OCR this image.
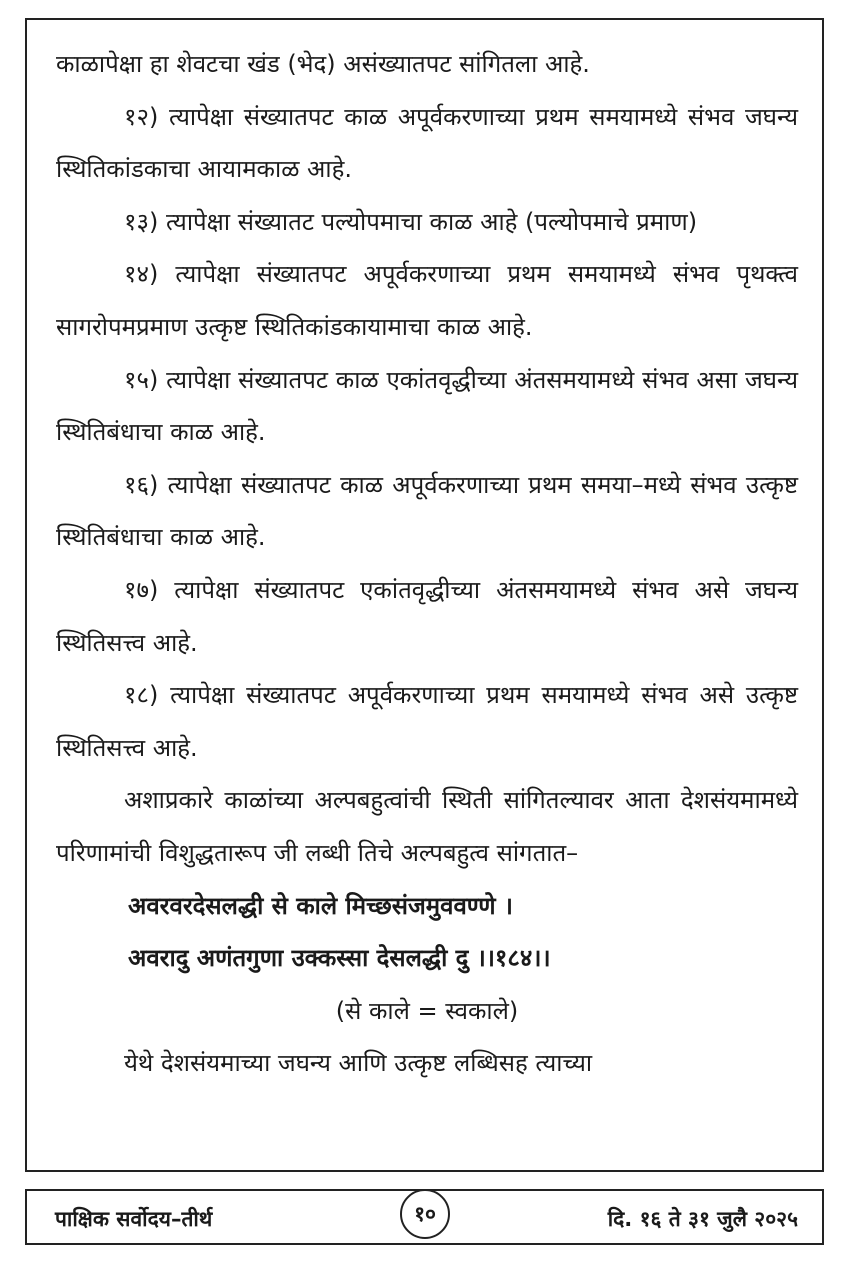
काळापेक्षा हा शेवटचा खंड (भेद) असंख्यातपट सांगितला आहे.

१२) त्यापेक्षा संख्यातपट काळ अपूर्वकरणाच्या प्रथम समयामध्ये संभव जघन्य स्थितिकांडकाचा आयामकाळ आहे.

१३) त्यापेक्षा संख्यातट पल्योपमाचा काळ आहे (पल्योपमाचे प्रमाण)

१४) त्यापेक्षा संख्यातपट अपूर्वकरणाच्या प्रथम समयामध्ये संभव पृथक्त्व सागरोपमप्रमाण उत्कृष्ट स्थितिकांडकायामाचा काळ आहे.

१५) त्यापेक्षा संख्यातपट काळ एकांतवृद्धीच्या अंतसमयामध्ये संभव असा जघन्य स्थितिबंधाचा काळ आहे.

१६) त्यापेक्षा संख्यातपट काळ अपूर्वकरणाच्या प्रथम समया–मध्ये संभव उत्कृष्ट स्थितिबंधाचा काळ आहे.

१७) त्यापेक्षा संख्यातपट एकांतवृद्धीच्या अंतसमयामध्ये संभव असे जघन्य स्थितिसत्त्व आहे.

१८) त्यापेक्षा संख्यातपट अपूर्वकरणाच्या प्रथम समयामध्ये संभव असे उत्कृष्ट स्थितिसत्त्व आहे.

अशाप्रकारे काळांच्या अल्पबहुत्वांची स्थिती सांगितल्यावर आता देशसंयमामध्ये परिणामांची विशुद्धतारूप जी लब्धी तिचे अल्पबहुत्व सांगतात–

अवरवरदेसलद्धी से काले मिच्छसंजमुववण्णे ।

अवरादु अणंतगुणा उक्कस्सा देसलद्धी दु ।।१८४।।

(से काले = स्वकाले)

येथे देशसंयमाच्या जघन्य आणि उत्कृष्ट लब्धिसह त्याच्या

पाक्षिक सर्वोदय–तीर्थ	१०	दि. १६ ते ३१ जुलै २०२५
